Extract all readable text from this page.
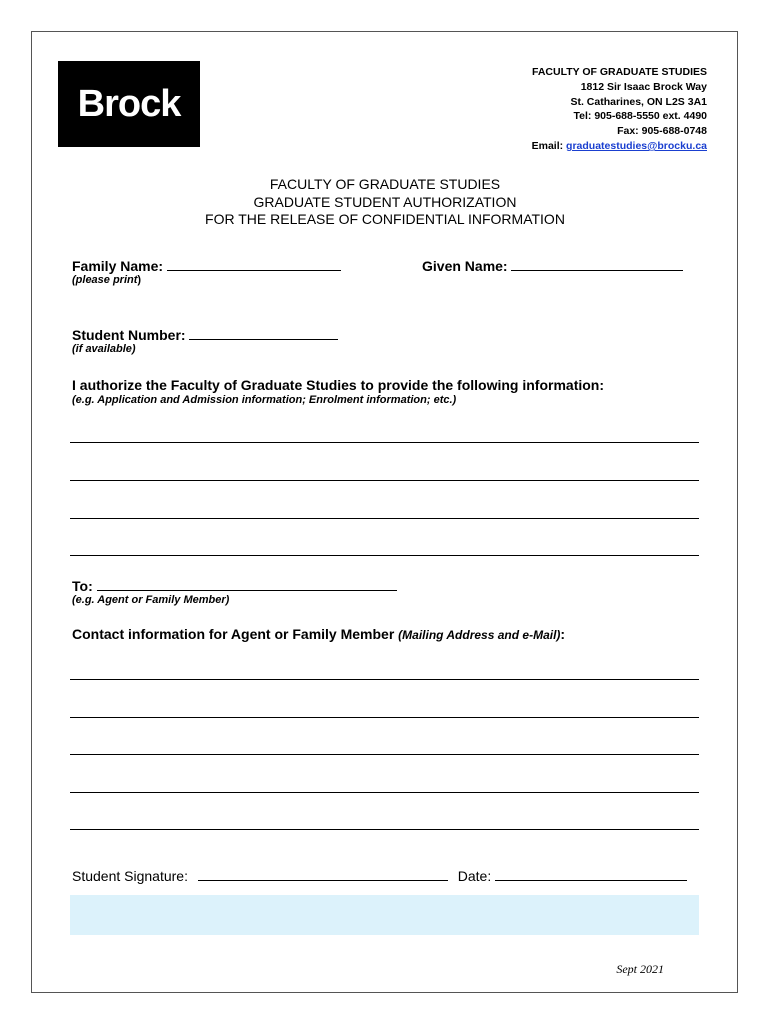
Brock
FACULTY OF GRADUATE STUDIES
1812 Sir Isaac Brock Way
St. Catharines, ON L2S 3A1
Tel: 905-688-5550 ext. 4490
Fax: 905-688-0748
Email: graduatestudies@brocku.ca
FACULTY OF GRADUATE STUDIES
GRADUATE STUDENT AUTHORIZATION
FOR THE RELEASE OF CONFIDENTIAL INFORMATION
Family Name:
(please print)
Given Name:
Student Number:
(if available)
I authorize the Faculty of Graduate Studies to provide the following information:
(e.g. Application and Admission information; Enrolment information; etc.)
To:
(e.g. Agent or Family Member)
Contact information for Agent or Family Member (Mailing Address and e-Mail):
Student Signature:	Date:
Sept 2021
